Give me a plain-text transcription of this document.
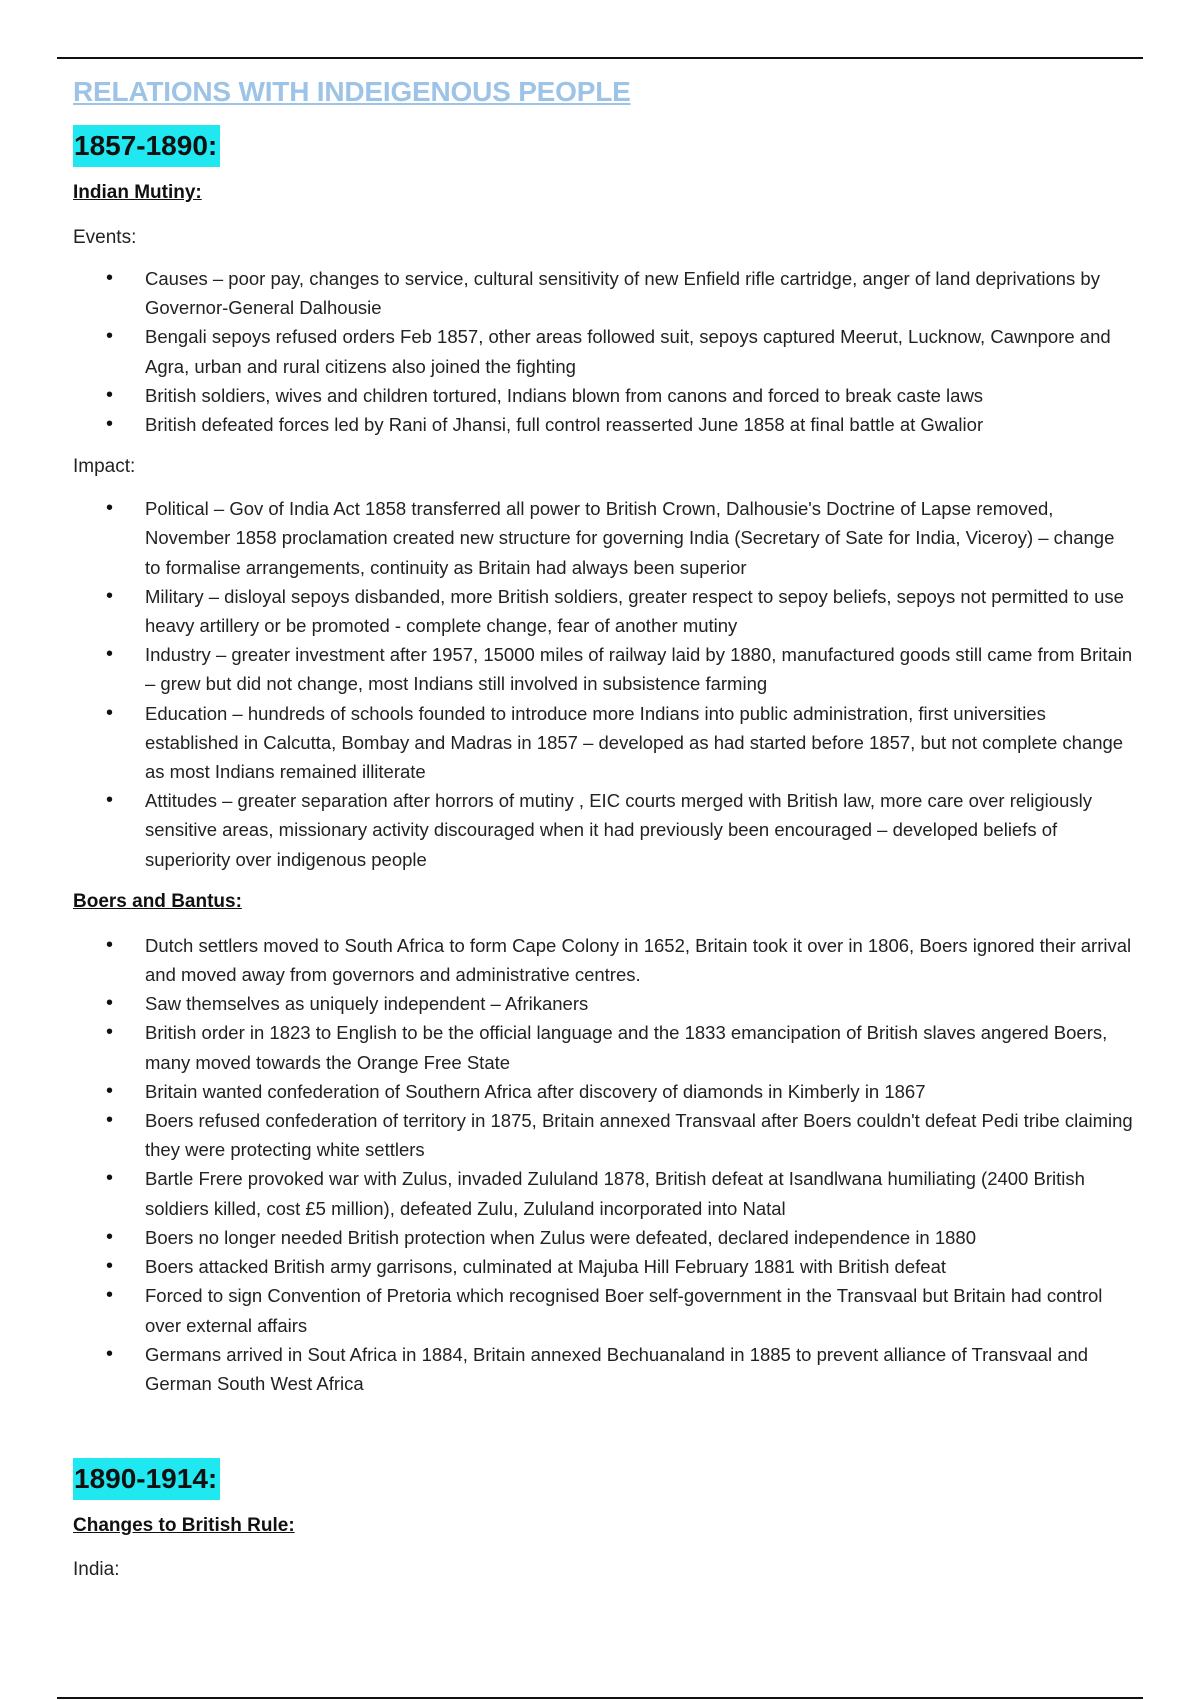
RELATIONS WITH INDEIGENOUS PEOPLE
1857-1890:
Indian Mutiny:

Events:

• Causes – poor pay, changes to service, cultural sensitivity of new Enfield rifle cartridge, anger of land deprivations by Governor-General Dalhousie
• Bengali sepoys refused orders Feb 1857, other areas followed suit, sepoys captured Meerut, Lucknow, Cawnpore and Agra, urban and rural citizens also joined the fighting
• British soldiers, wives and children tortured, Indians blown from canons and forced to break caste laws
• British defeated forces led by Rani of Jhansi, full control reasserted June 1858 at final battle at Gwalior

Impact:

• Political – Gov of India Act 1858 transferred all power to British Crown, Dalhousie's Doctrine of Lapse removed, November 1858 proclamation created new structure for governing India (Secretary of Sate for India, Viceroy) – change to formalise arrangements, continuity as Britain had always been superior
• Military – disloyal sepoys disbanded, more British soldiers, greater respect to sepoy beliefs, sepoys not permitted to use heavy artillery or be promoted - complete change, fear of another mutiny
• Industry – greater investment after 1957, 15000 miles of railway laid by 1880, manufactured goods still came from Britain – grew but did not change, most Indians still involved in subsistence farming
• Education – hundreds of schools founded to introduce more Indians into public administration, first universities established in Calcutta, Bombay and Madras in 1857 – developed as had started before 1857, but not complete change as most Indians remained illiterate
• Attitudes – greater separation after horrors of mutiny , EIC courts merged with British law, more care over religiously sensitive areas, missionary activity discouraged when it had previously been encouraged – developed beliefs of superiority over indigenous people
Boers and Bantus:
• Dutch settlers moved to South Africa to form Cape Colony in 1652, Britain took it over in 1806, Boers ignored their arrival and moved away from governors and administrative centres.
• Saw themselves as uniquely independent – Afrikaners
• British order in 1823 to English to be the official language and the 1833 emancipation of British slaves angered Boers, many moved towards the Orange Free State
• Britain wanted confederation of Southern Africa after discovery of diamonds in Kimberly in 1867
• Boers refused confederation of territory in 1875, Britain annexed Transvaal after Boers couldn't defeat Pedi tribe claiming they were protecting white settlers
• Bartle Frere provoked war with Zulus, invaded Zululand 1878, British defeat at Isandlwana humiliating (2400 British soldiers killed, cost £5 million), defeated Zulu, Zululand incorporated into Natal
• Boers no longer needed British protection when Zulus were defeated, declared independence in 1880
• Boers attacked British army garrisons, culminated at Majuba Hill February 1881 with British defeat
• Forced to sign Convention of Pretoria which recognised Boer self-government in the Transvaal but Britain had control over external affairs
• Germans arrived in Sout Africa in 1884, Britain annexed Bechuanaland in 1885 to prevent alliance of Transvaal and German South West Africa
1890-1914:
Changes to British Rule:

India:
